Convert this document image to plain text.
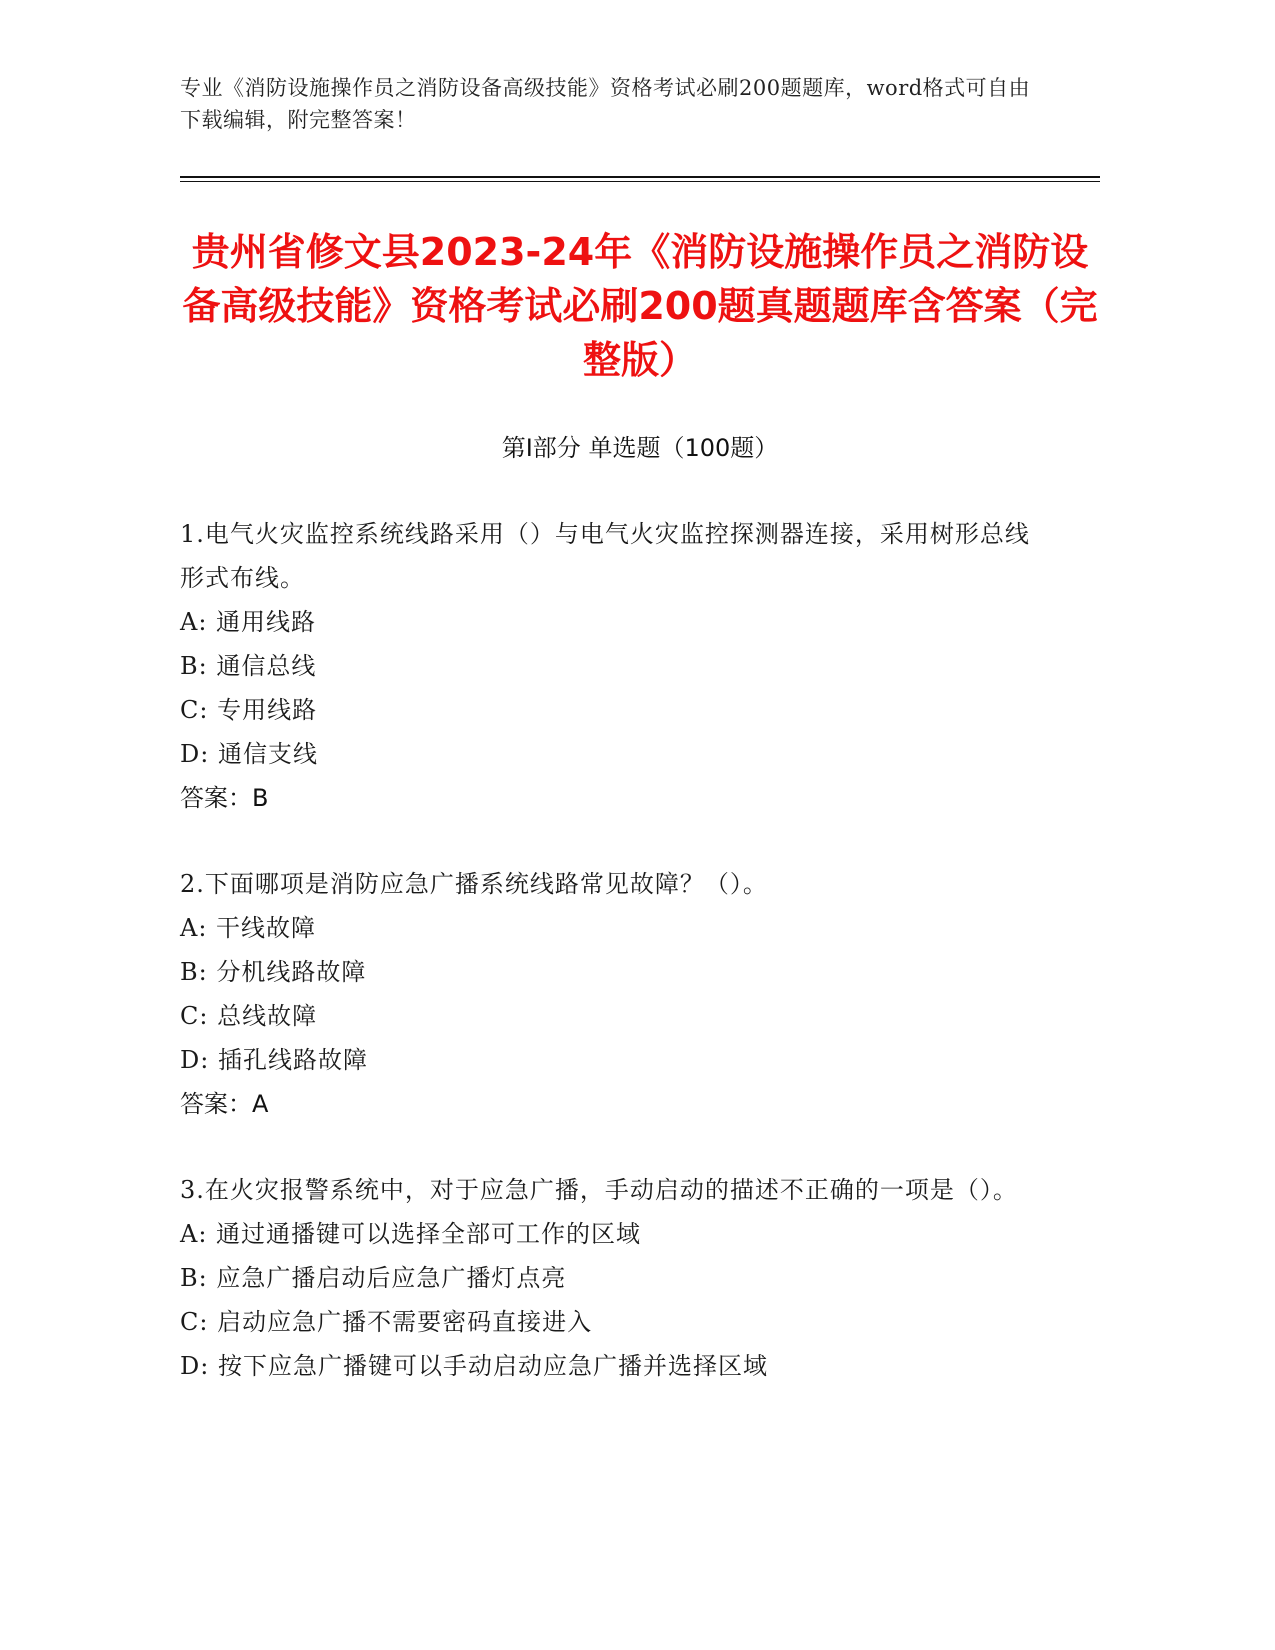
专业《消防设施操作员之消防设备高级技能》资格考试必刷200题题库，word格式可自由下载编辑，附完整答案！
贵州省修文县2023-24年《消防设施操作员之消防设备高级技能》资格考试必刷200题真题题库含答案（完整版）
第Ⅰ部分 单选题（100题）
1.电气火灾监控系统线路采用（）与电气火灾监控探测器连接，采用树形总线形式布线。
A: 通用线路
B: 通信总线
C: 专用线路
D: 通信支线
答案：B
2.下面哪项是消防应急广播系统线路常见故障？（）。
A: 干线故障
B: 分机线路故障
C: 总线故障
D: 插孔线路故障
答案：A
3.在火灾报警系统中，对于应急广播，手动启动的描述不正确的一项是（）。
A: 通过通播键可以选择全部可工作的区域
B: 应急广播启动后应急广播灯点亮
C: 启动应急广播不需要密码直接进入
D: 按下应急广播键可以手动启动应急广播并选择区域
